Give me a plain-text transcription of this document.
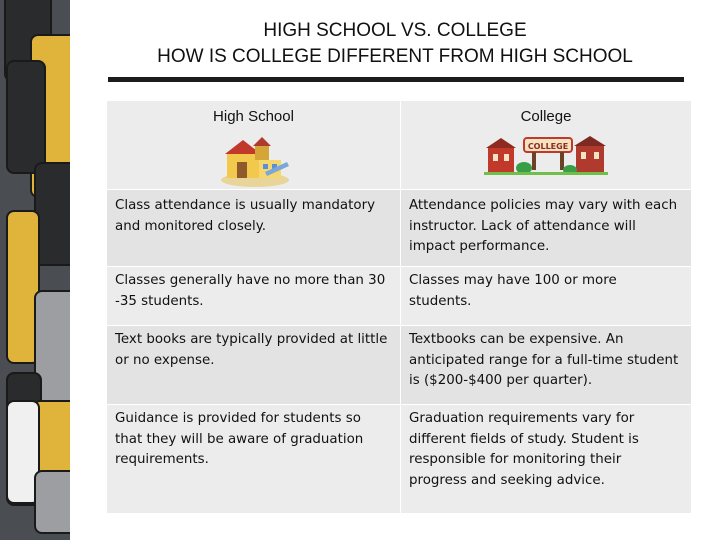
HIGH SCHOOL VS. COLLEGE
HOW IS COLLEGE DIFFERENT FROM HIGH SCHOOL
High School	College
COLLEGE

Class attendance is usually mandatory and monitored closely.	Attendance policies may vary with each instructor. Lack of attendance will impact performance.
Classes generally have no more than 30 -35 students.	Classes may have 100 or more students.
Text books are typically provided at little or no expense.	Textbooks can be expensive. An anticipated range for a full-time student is ($200-$400 per quarter).
Guidance is provided for students so that they will be aware of graduation requirements.	Graduation requirements vary for different fields of study. Student is responsible for monitoring their progress and seeking advice.
